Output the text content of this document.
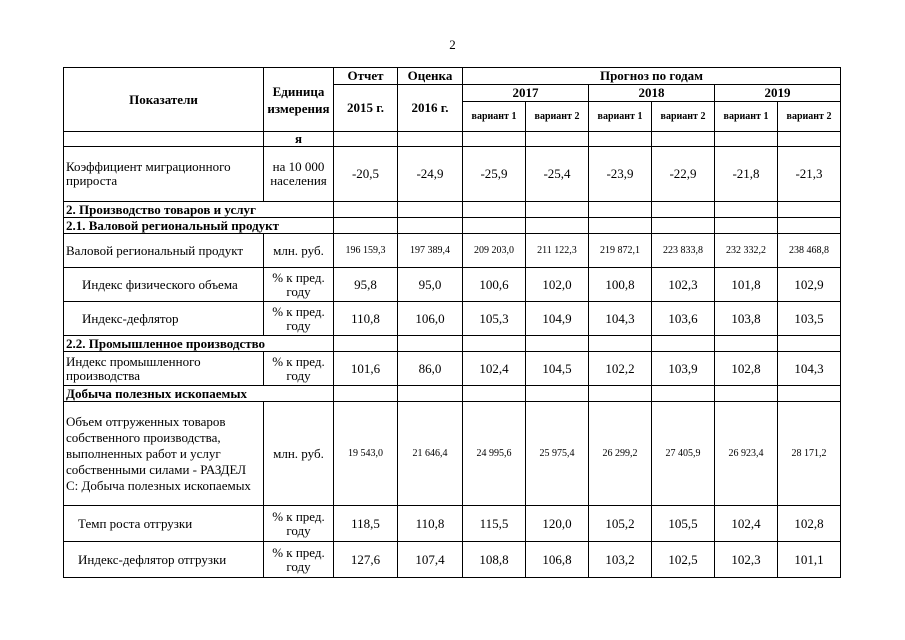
2
Показатели	Единица измерения	Отчет	Оценка	Прогноз по годам					
		2015 г.	2016 г.	2017		2018		2019	
				вариант 1	вариант 2	вариант 1	вариант 2	вариант 1	вариант 2
	я								
Коэффициент миграционного прироста	на 10 000 населения	-20,5	-24,9	-25,9	-25,4	-23,9	-22,9	-21,8	-21,3
2. Производство товаров и услуг									
2.1. Валовой региональный продукт									
Валовой региональный продукт	млн. руб.	196 159,3	197 389,4	209 203,0	211 122,3	219 872,1	223 833,8	232 332,2	238 468,8
Индекс физического объема	% к пред. году	95,8	95,0	100,6	102,0	100,8	102,3	101,8	102,9
Индекс-дефлятор	% к пред. году	110,8	106,0	105,3	104,9	104,3	103,6	103,8	103,5
2.2. Промышленное производство									
Индекс промышленного производства	% к пред. году	101,6	86,0	102,4	104,5	102,2	103,9	102,8	104,3
Добыча полезных ископаемых									
Объем отгруженных товаров собственного производства, выполненных работ и услуг собственными силами - РАЗДЕЛ С: Добыча полезных ископаемых	млн. руб.	19 543,0	21 646,4	24 995,6	25 975,4	26 299,2	27 405,9	26 923,4	28 171,2
Темп роста отгрузки	% к пред. году	118,5	110,8	115,5	120,0	105,2	105,5	102,4	102,8
Индекс-дефлятор отгрузки	% к пред. году	127,6	107,4	108,8	106,8	103,2	102,5	102,3	101,1
